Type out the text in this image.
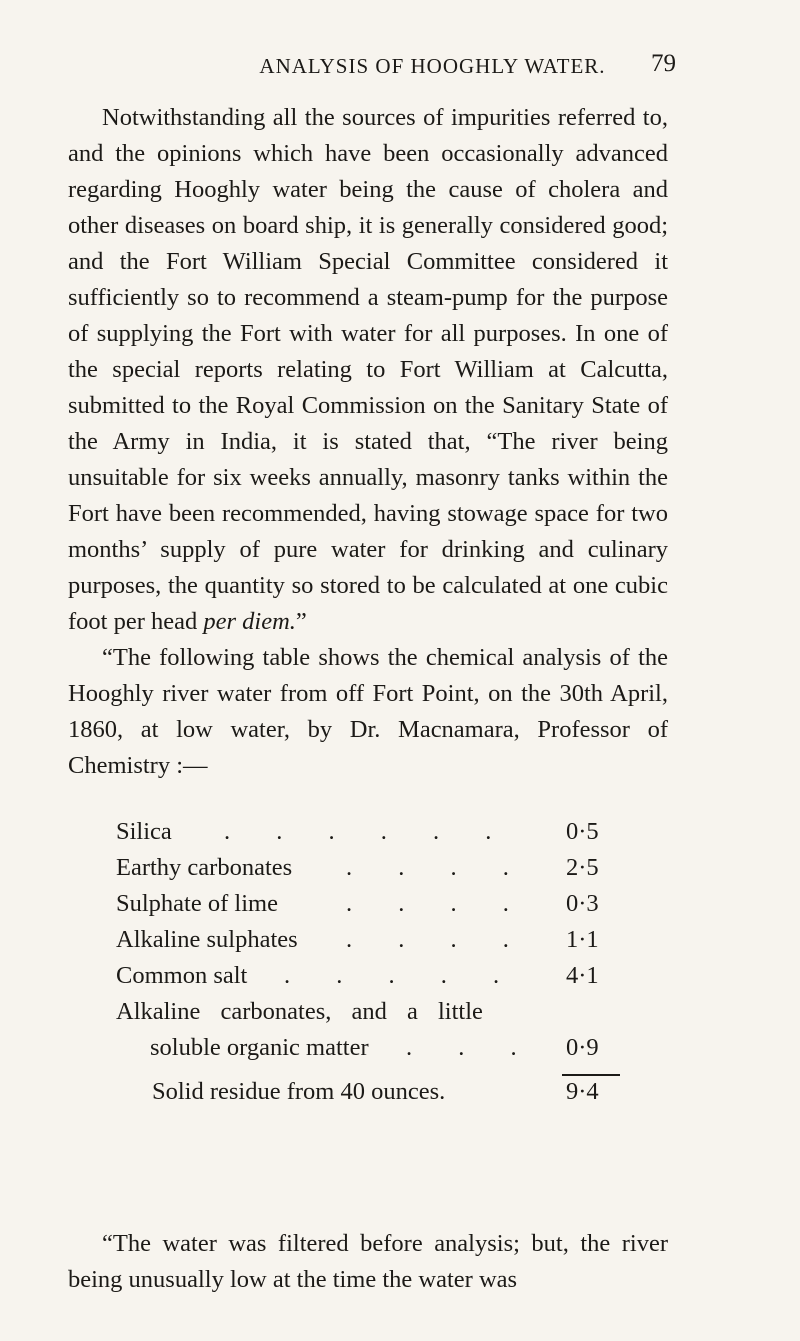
ANALYSIS OF HOOGHLY WATER.	79

Notwithstanding all the sources of impurities referred to, and the opinions which have been occasionally advanced regarding Hooghly water being the cause of cholera and other diseases on board ship, it is generally considered good; and the Fort William Special Committee considered it sufficiently so to recommend a steam-pump for the purpose of supplying the Fort with water for all purposes. In one of the special reports relating to Fort William at Calcutta, submitted to the Royal Commission on the Sanitary State of the Army in India, it is stated that, “The river being unsuitable for six weeks annually, masonry tanks within the Fort have been recommended, having stowage space for two months’ supply of pure water for drinking and culinary purposes, the quantity so stored to be calculated at one cubic foot per head per diem.”

“The following table shows the chemical analysis of the Hooghly river water from off Fort Point, on the 30th April, 1860, at low water, by Dr. Macnamara, Professor of Chemistry :—

Silica . . . . . . 0·5
Earthy carbonates . . . . 2·5
Sulphate of lime	. . . . 0·3
Alkaline sulphates . . . . 1·1
Common salt . . . . . 4·1
Alkaline carbonates, and a little
soluble organic matter . . . 0·9
Solid residue from 40 ounces.	9·4

“The water was filtered before analysis; but, the river being unusually low at the time the water was
